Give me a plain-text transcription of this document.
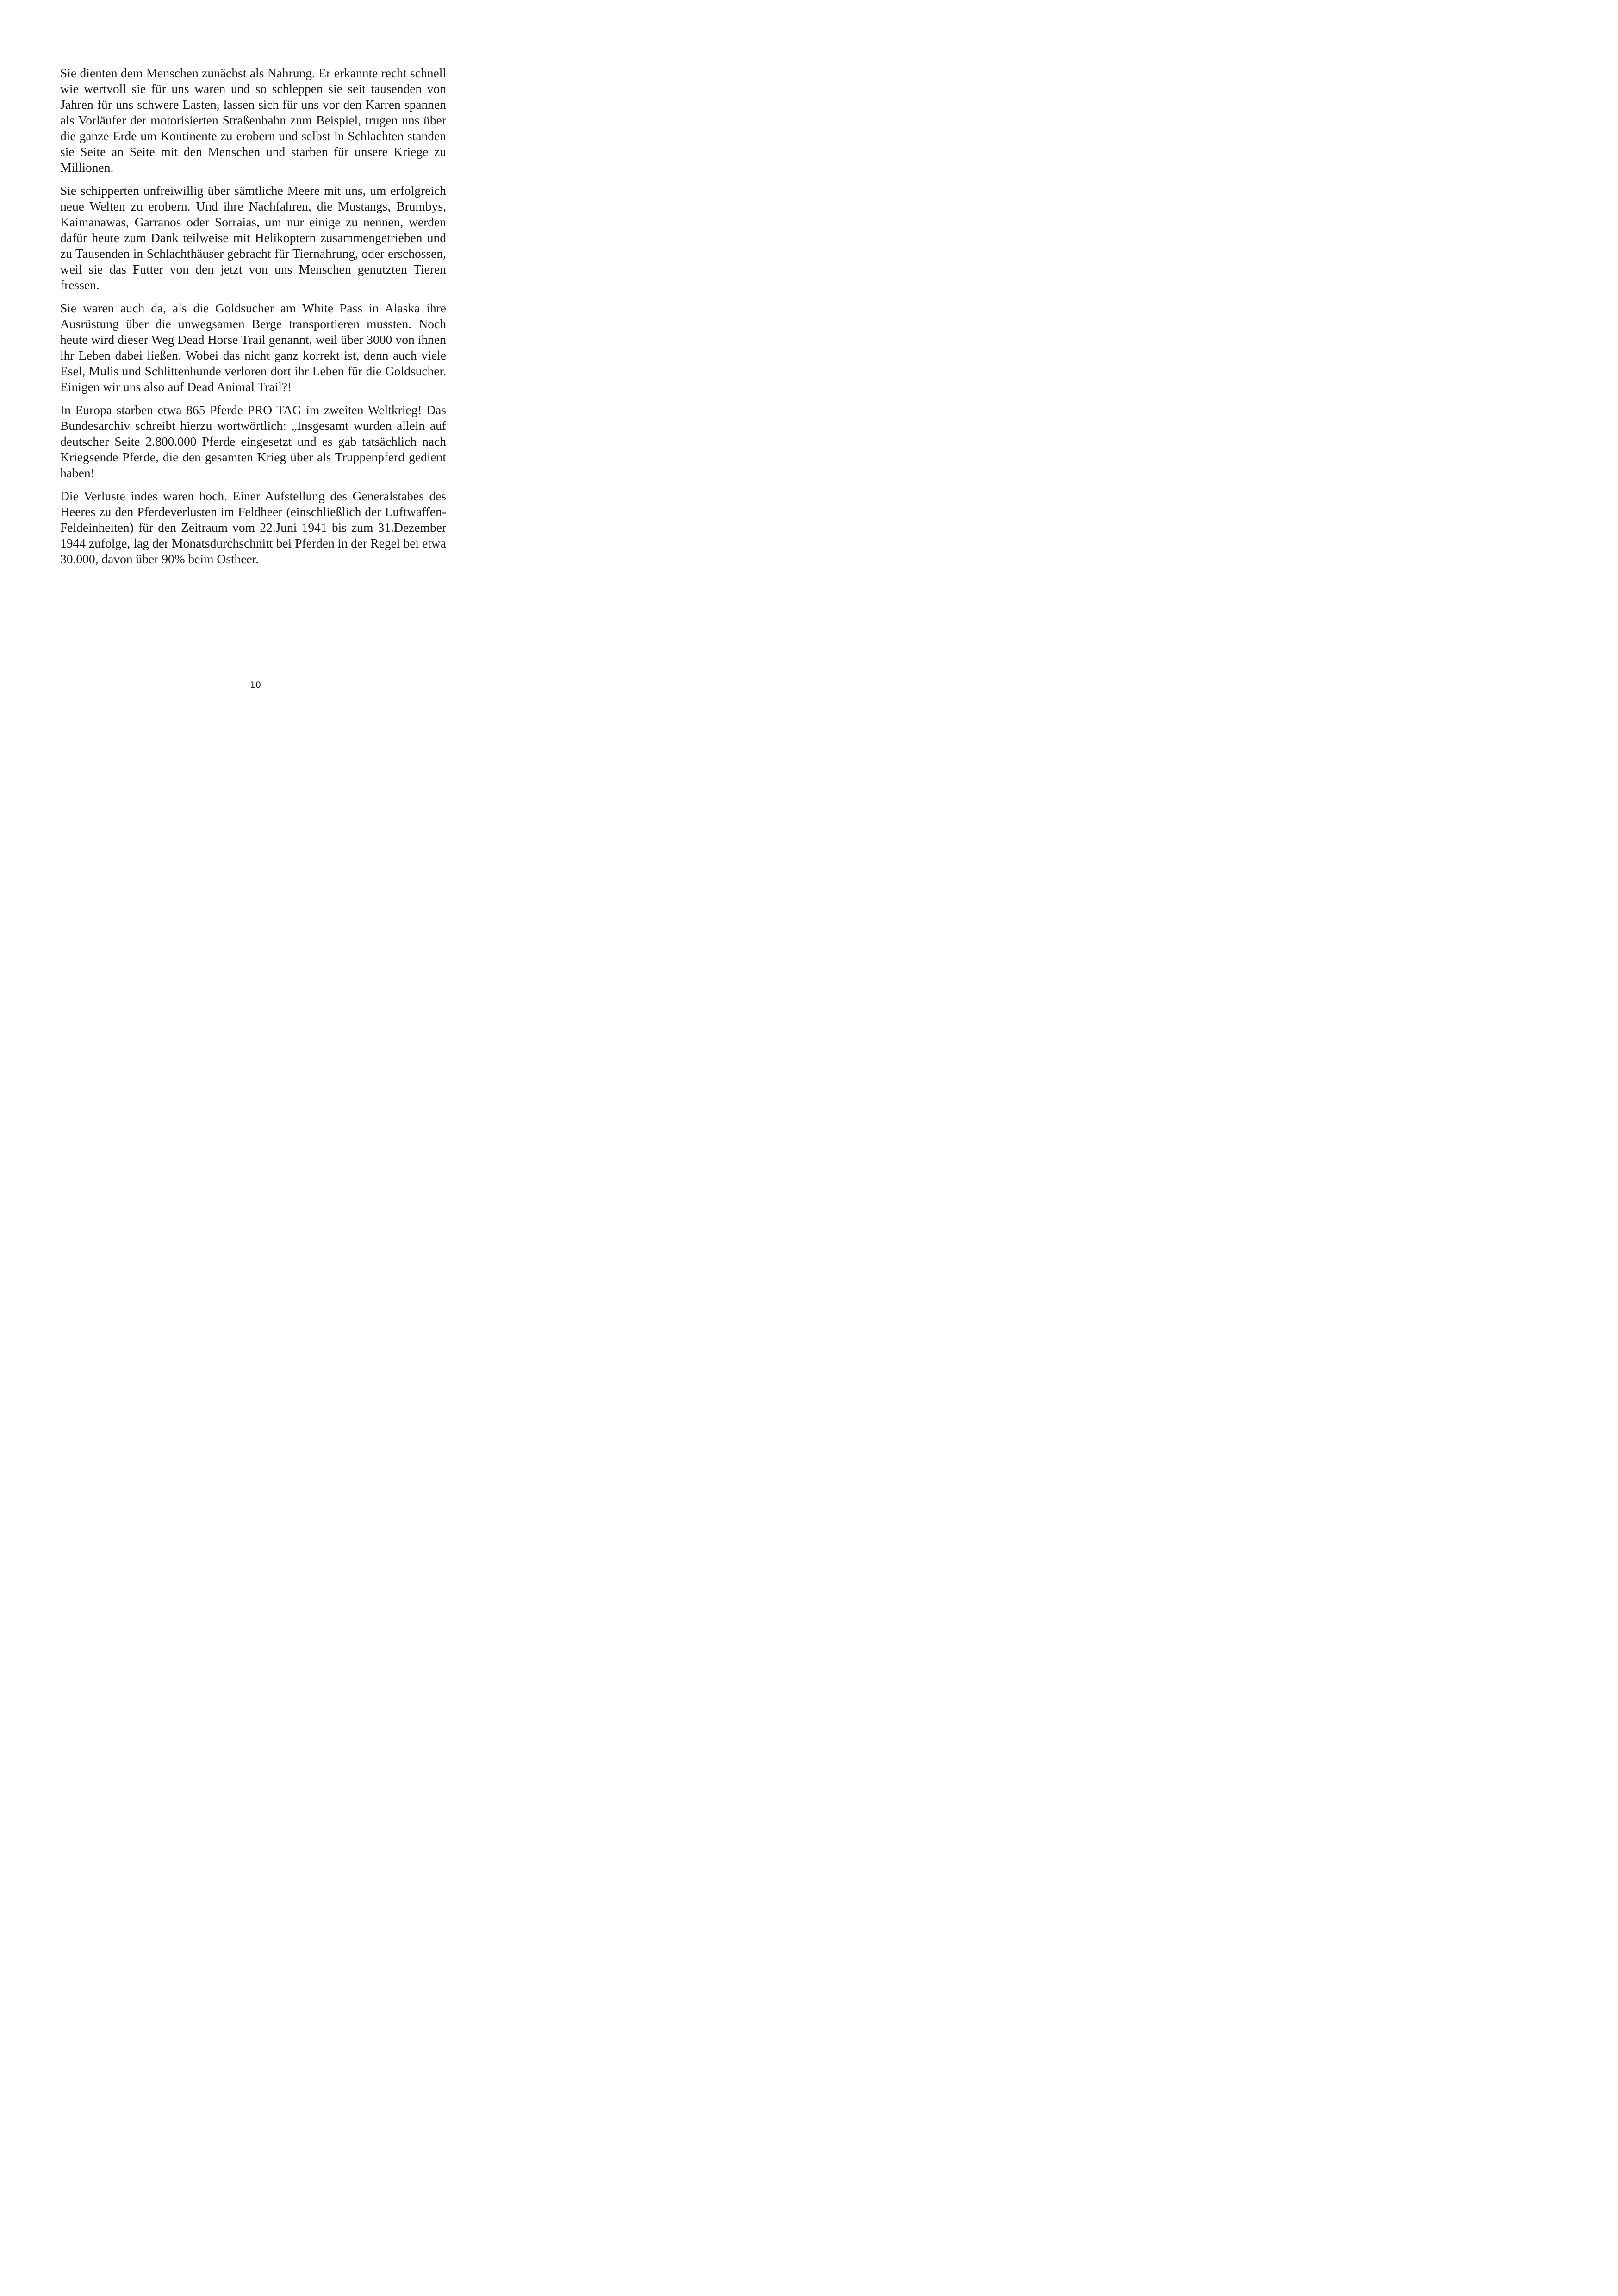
Sie dienten dem Menschen zunächst als Nahrung. Er erkannte recht schnell wie wertvoll sie für uns waren und so schleppen sie seit tausenden von Jahren für uns schwere Lasten, lassen sich für uns vor den Karren spannen als Vorläufer der motorisierten Straßenbahn zum Beispiel, trugen uns über die ganze Erde um Kontinente zu erobern und selbst in Schlachten standen sie Seite an Seite mit den Menschen und starben für unsere Kriege zu Millionen.

Sie schipperten unfreiwillig über sämtliche Meere mit uns, um erfolgreich neue Welten zu erobern. Und ihre Nachfahren, die Mustangs, Brumbys, Kaimanawas, Garranos oder Sorraias, um nur einige zu nennen, werden dafür heute zum Dank teilweise mit Helikoptern zusammengetrieben und zu Tausenden in Schlachthäuser gebracht für Tiernahrung, oder erschossen, weil sie das Futter von den jetzt von uns Menschen genutzten Tieren fressen.

Sie waren auch da, als die Goldsucher am White Pass in Alaska ihre Ausrüstung über die unwegsamen Berge transportieren mussten. Noch heute wird dieser Weg Dead Horse Trail genannt, weil über 3000 von ihnen ihr Leben dabei ließen. Wobei das nicht ganz korrekt ist, denn auch viele Esel, Mulis und Schlittenhunde verloren dort ihr Leben für die Goldsucher. Einigen wir uns also auf Dead Animal Trail?!

In Europa starben etwa 865 Pferde PRO TAG im zweiten Weltkrieg! Das Bundesarchiv schreibt hierzu wortwörtlich: „Insgesamt wurden allein auf deutscher Seite 2.800.000 Pferde eingesetzt und es gab tatsächlich nach Kriegsende Pferde, die den gesamten Krieg über als Truppenpferd gedient haben!

Die Verluste indes waren hoch. Einer Aufstellung des Generalstabes des Heeres zu den Pferdeverlusten im Feldheer (einschließlich der Luftwaffen-Feldeinheiten) für den Zeitraum vom 22.Juni 1941 bis zum 31.Dezember 1944 zufolge, lag der Monatsdurchschnitt bei Pferden in der Regel bei etwa 30.000, davon über 90% beim Ostheer.

10
